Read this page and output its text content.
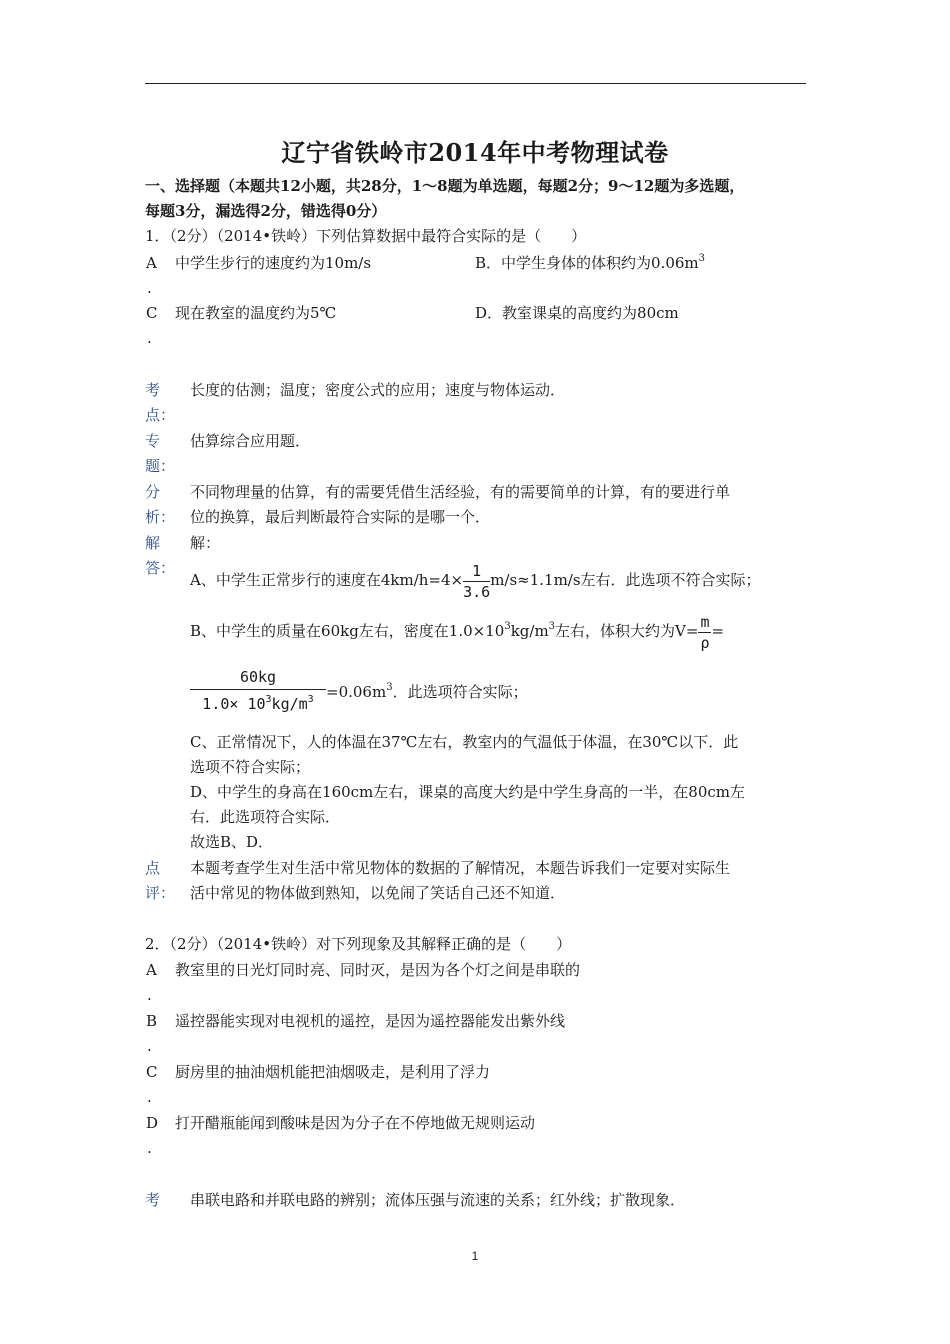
辽宁省铁岭市2014年中考物理试卷
一、选择题（本题共12小题，共28分，1～8题为单选题，每题2分；9～12题为多选题，
每题3分，漏选得2分，错选得0分）
1．（2分）（2014•铁岭）下列估算数据中最符合实际的是（　　）
A
.
中学生步行的速度约为10m/s	B．中学生身体的体积约为$0.06m^3$
C
.
现在教室的温度约为5℃	D．教室课桌的高度约为80cm
考
点：
长度的估测；温度；密度公式的应用；速度与物体运动．
专
题：
估算综合应用题．
分
析：
不同物理量的估算，有的需要凭借生活经验，有的需要简单的计算，有的要进行单
位的换算，最后判断最符合实际的是哪一个．
解
答：
解：
A、中学生正常步行的速度在$4km/h=4\times \frac{1}{3.6} m/s\approx 1.1m/s$左右．此选项不符合实际；
B、中学生的质量在60kg左右，密度在$1.0\times 10^3kg/m^3$左右，体积大约为$V= \frac{m}{\rho}$ =
60kg
$1.0\times 10^3kg/m^3 =0.06m^3$．此选项符合实际；
C、正常情况下，人的体温在37℃左右，教室内的气温低于体温，在30℃以下．此
选项不符合实际；
D、中学生的身高在160cm左右，课桌的高度大约是中学生身高的一半，在80cm左
右．此选项符合实际．
故选B、D．
点
评：
本题考查学生对生活中常见物体的数据的了解情况，本题告诉我们一定要对实际生
活中常见的物体做到熟知，以免闹了笑话自己还不知道．
2．（2分）（2014•铁岭）对下列现象及其解释正确的是（　　）
A
.
教室里的日光灯同时亮、同时灭，是因为各个灯之间是串联的
B
.
遥控器能实现对电视机的遥控，是因为遥控器能发出紫外线
C
.
厨房里的抽油烟机能把油烟吸走，是利用了浮力
D
.
打开醋瓶能闻到酸味是因为分子在不停地做无规则运动
考 串联电路和并联电路的辨别；流体压强与流速的关系；红外线；扩散现象．
1
